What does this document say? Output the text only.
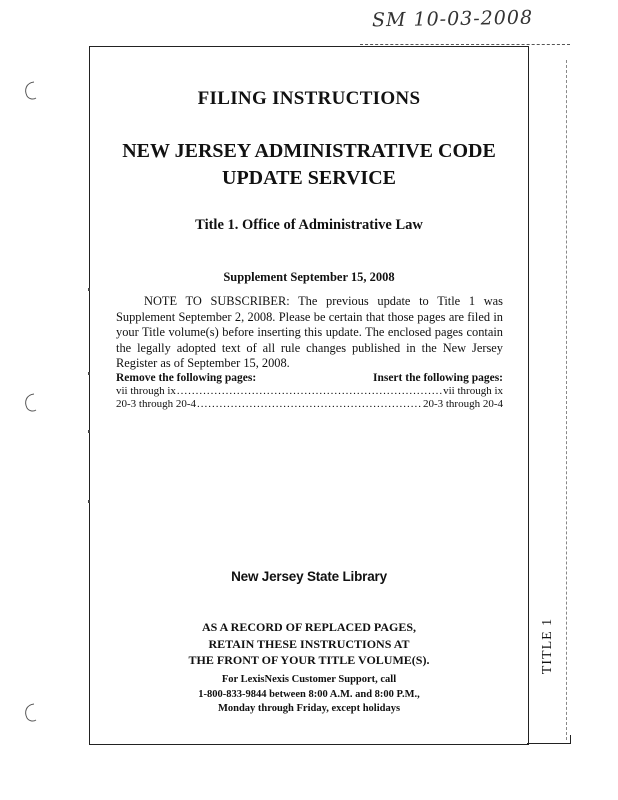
SM 10-03-2008
FILING INSTRUCTIONS
NEW JERSEY ADMINISTRATIVE CODE
UPDATE SERVICE
Title 1. Office of Administrative Law
Supplement September 15, 2008
NOTE TO SUBSCRIBER: The previous update to Title 1 was Supplement September 2, 2008. Please be certain that those pages are filed in your Title volume(s) before inserting this update. The enclosed pages contain the legally adopted text of all rule changes published in the New Jersey Register as of September 15, 2008.
Remove the following pages:	Insert the following pages:
vii through ix .....	vii through ix
20-3 through 20-4 .....	20-3 through 20-4
New Jersey State Library
AS A RECORD OF REPLACED PAGES,
RETAIN THESE INSTRUCTIONS AT
THE FRONT OF YOUR TITLE VOLUME(S).
For LexisNexis Customer Support, call
1-800-833-9844 between 8:00 A.M. and 8:00 P.M.,
Monday through Friday, except holidays
TITLE 1
